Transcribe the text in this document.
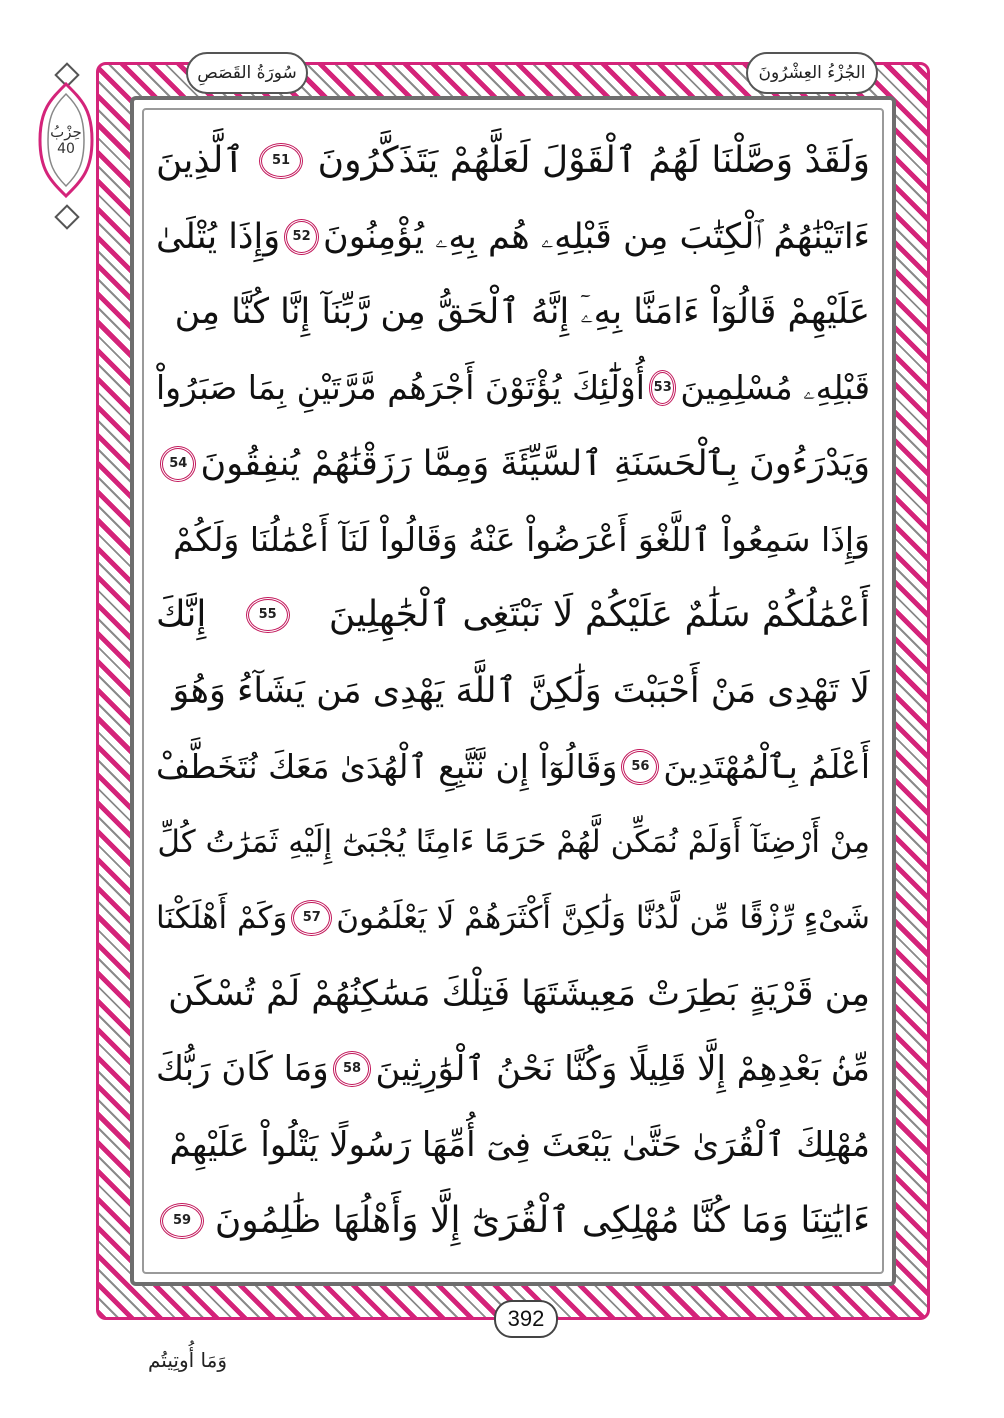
الجُزْءُ العِشْرُونَ
سُورَةُ القَصَصِ
حِزْبُ
40	وَلَقَدْ وَصَّلْنَا لَهُمُ ٱلْقَوْلَ لَعَلَّهُمْ يَتَذَكَّرُونَ
51
ٱلَّذِينَ
ءَاتَيْنَٰهُمُ ٱلْكِتَٰبَ مِن قَبْلِهِۦ هُم بِهِۦ يُؤْمِنُونَ
52
وَإِذَا يُتْلَىٰ
عَلَيْهِمْ قَالُوٓاْ ءَامَنَّا بِهِۦٓ إِنَّهُ ٱلْحَقُّ مِن رَّبِّنَآ إِنَّا كُنَّا مِن
قَبْلِهِۦ مُسْلِمِينَ
53
أُوْلَٰٓئِكَ يُؤْتَوْنَ أَجْرَهُم مَّرَّتَيْنِ بِمَا صَبَرُواْ
وَيَدْرَءُونَ بِٱلْحَسَنَةِ ٱلسَّيِّئَةَ وَمِمَّا رَزَقْنَٰهُمْ يُنفِقُونَ
54
وَإِذَا سَمِعُواْ ٱللَّغْوَ أَعْرَضُواْ عَنْهُ وَقَالُواْ لَنَآ أَعْمَٰلُنَا وَلَكُمْ
أَعْمَٰلُكُمْ سَلَٰمٌ عَلَيْكُمْ لَا نَبْتَغِى ٱلْجَٰهِلِينَ
55
إِنَّكَ
لَا تَهْدِى مَنْ أَحْبَبْتَ وَلَٰكِنَّ ٱللَّهَ يَهْدِى مَن يَشَآءُ وَهُوَ
أَعْلَمُ بِٱلْمُهْتَدِينَ
56
وَقَالُوٓاْ إِن نَّتَّبِعِ ٱلْهُدَىٰ مَعَكَ نُتَخَطَّفْ
مِنْ أَرْضِنَآ أَوَلَمْ نُمَكِّن لَّهُمْ حَرَمًا ءَامِنًا يُجْبَىٰٓ إِلَيْهِ ثَمَرَٰتُ كُلِّ
شَىْءٍ رِّزْقًا مِّن لَّدُنَّا وَلَٰكِنَّ أَكْثَرَهُمْ لَا يَعْلَمُونَ
57
وَكَمْ أَهْلَكْنَا
مِن قَرْيَةٍ بَطِرَتْ مَعِيشَتَهَا فَتِلْكَ مَسَٰكِنُهُمْ لَمْ تُسْكَن
مِّنۢ بَعْدِهِمْ إِلَّا قَلِيلًا وَكُنَّا نَحْنُ ٱلْوَٰرِثِينَ
58
وَمَا كَانَ رَبُّكَ
مُهْلِكَ ٱلْقُرَىٰ حَتَّىٰ يَبْعَثَ فِىٓ أُمِّهَا رَسُولًا يَتْلُواْ عَلَيْهِمْ
ءَايَٰتِنَا وَمَا كُنَّا مُهْلِكِى ٱلْقُرَىٰٓ إِلَّا وَأَهْلُهَا ظَٰلِمُونَ
59
392
وَمَا أُوتِيتُم
